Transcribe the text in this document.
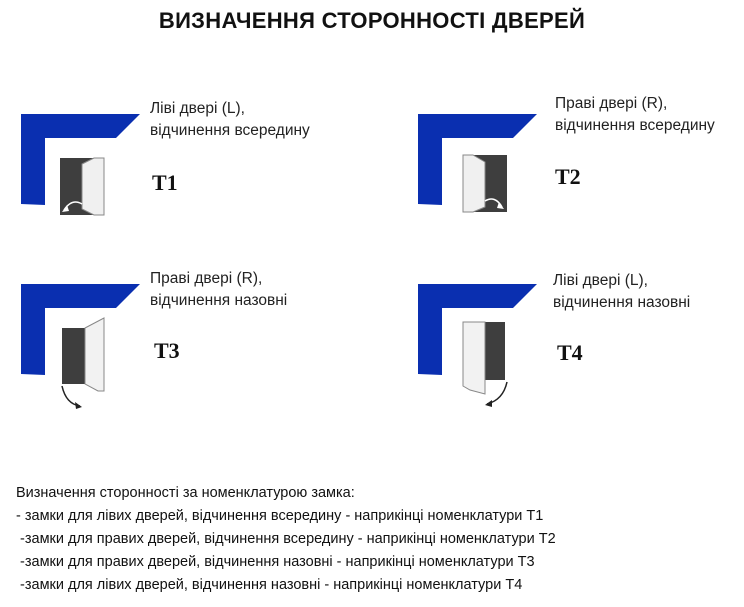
ВИЗНАЧЕННЯ СТОРОННОСТІ ДВЕРЕЙ
Ліві двері (L),
відчинення всередину
T1
Праві двері (R),
відчинення всередину
T2
Праві двері (R),
відчинення назовні
T3
Ліві двері (L),
відчинення назовні
T4
Визначення сторонності за номенклатурою замка:
- замки для лівих дверей, відчинення всередину - наприкінці номенклатури Т1
-замки для правих дверей, відчинення всередину - наприкінці номенклатури Т2
-замки для правих дверей, відчинення назовні - наприкінці номенклатури Т3
-замки для лівих дверей, відчинення назовні - наприкінці номенклатури Т4
